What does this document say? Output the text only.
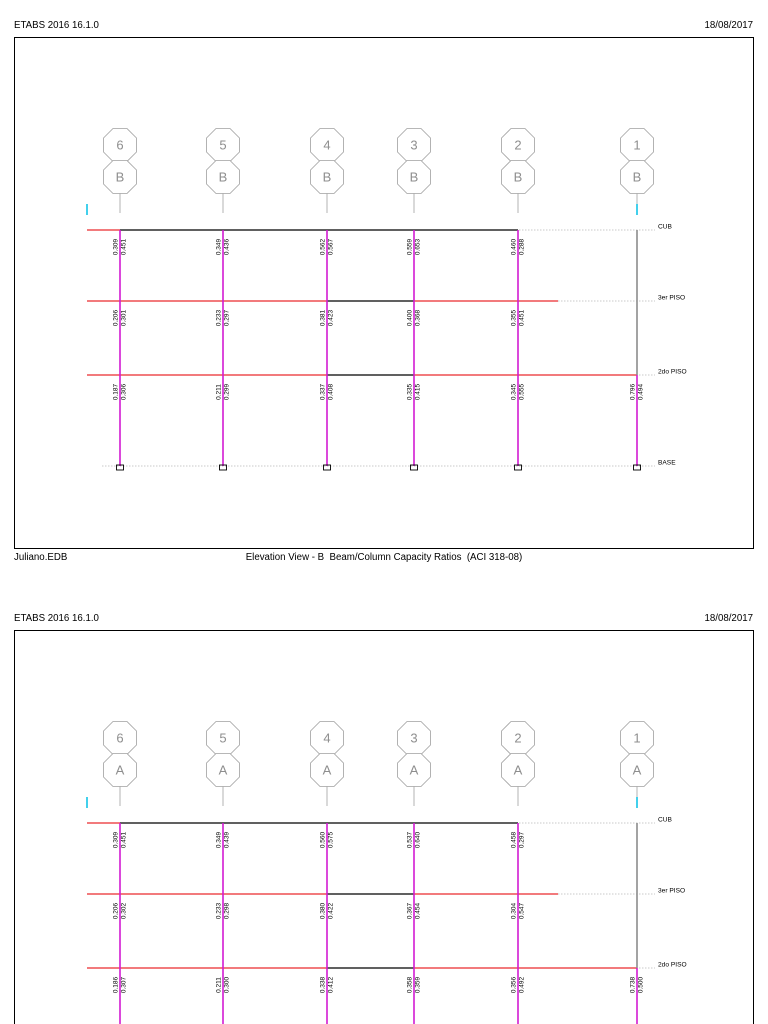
ETABS 2016 16.1.0	18/08/2017
Juliano.EDB	Elevation View - B  Beam/Column Capacity Ratios  (ACI 318-08)
ETABS 2016 16.1.0	18/08/2017
6
B
5
B
4
B
3
B
2
B
1
B
0.309 0.451	0.349 0.436	0.562 0.567	0.559 0.653	0.460 0.288
0.206 0.301	0.233 0.297	0.381 0.423	0.400 0.368	0.355 0.451
0.187 0.306	0.211 0.299	0.337 0.408	0.335 0.415	0.345 0.555	0.796 0.494
CUB
3er PISO
2do PISO
BASE
6
A
5
A
4
A
3
A
2
A
1
A
0.309 0.451	0.349 0.439	0.560 0.575	0.537 0.640	0.458 0.297
0.206 0.302	0.233 0.298	0.380 0.422	0.367 0.454	0.304 0.547
0.186 0.307	0.211 0.300	0.338 0.412	0.358 0.359	0.356 0.492	0.738 0.500
CUB
3er PISO
2do PISO
